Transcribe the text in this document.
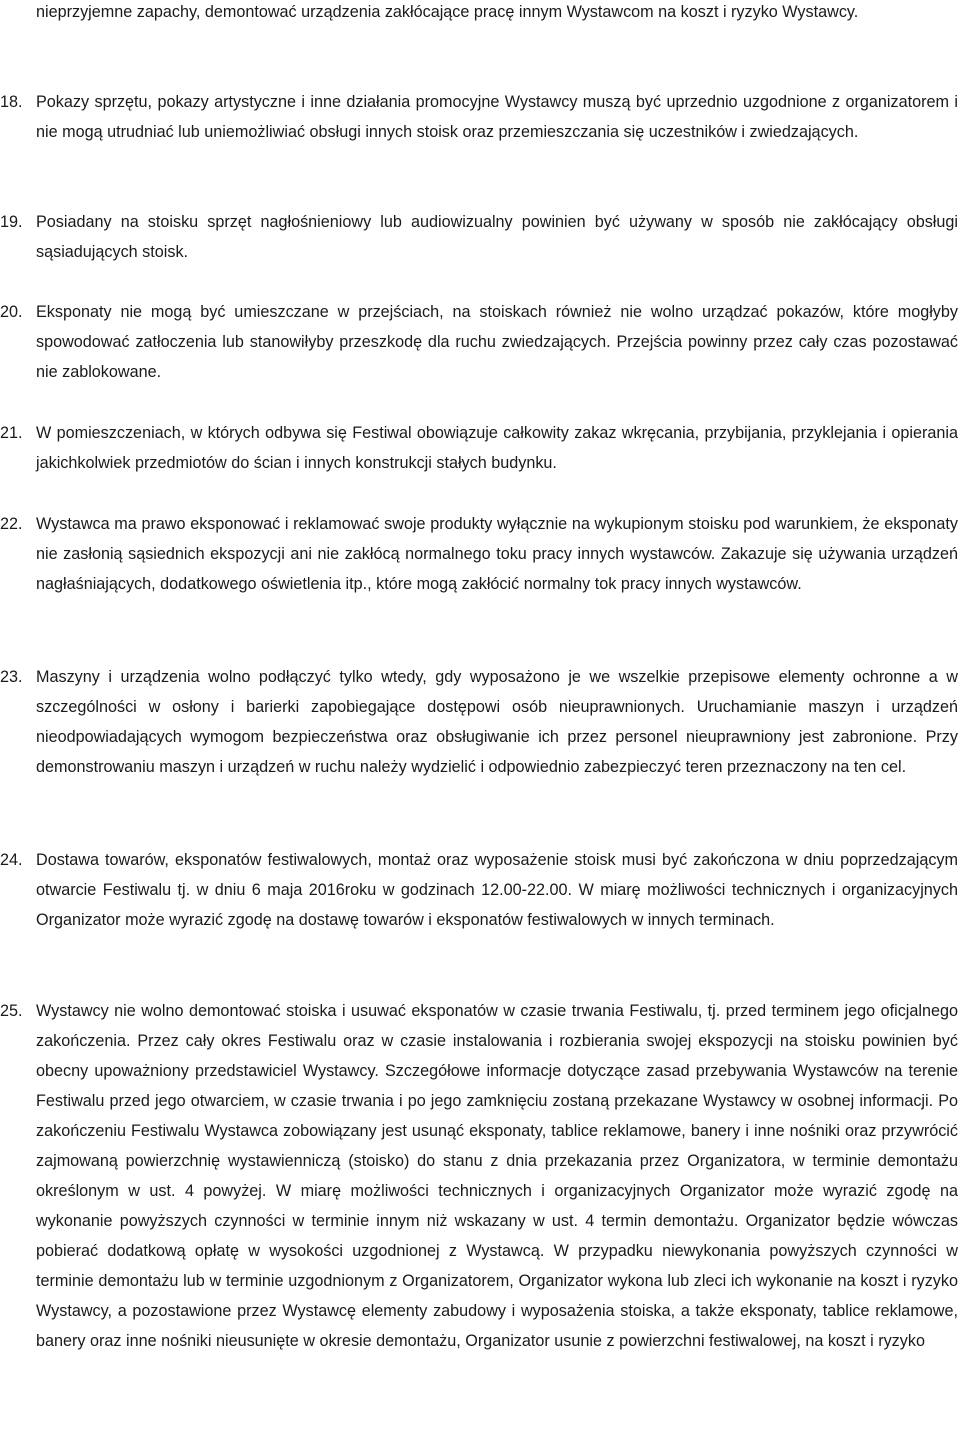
nieprzyjemne zapachy, demontować urządzenia zakłócające pracę innym Wystawcom na koszt i ryzyko Wystawcy.
18. Pokazy sprzętu, pokazy artystyczne i inne działania promocyjne Wystawcy muszą być uprzednio uzgodnione z organizatorem i nie mogą utrudniać lub uniemożliwiać obsługi innych stoisk oraz przemieszczania się uczestników i zwiedzających.
19. Posiadany na stoisku sprzęt nagłośnieniowy lub audiowizualny powinien być używany w sposób nie zakłócający obsługi sąsiadujących stoisk.
20. Eksponaty nie mogą być umieszczane w przejściach, na stoiskach również nie wolno urządzać pokazów, które mogłyby spowodować zatłoczenia lub stanowiłyby przeszkodę dla ruchu zwiedzających. Przejścia powinny przez cały czas pozostawać nie zablokowane.
21. W pomieszczeniach, w których odbywa się Festiwal obowiązuje całkowity zakaz wkręcania, przybijania, przyklejania i opierania jakichkolwiek przedmiotów do ścian i innych konstrukcji stałych budynku.
22. Wystawca ma prawo eksponować i reklamować swoje produkty wyłącznie na wykupionym stoisku pod warunkiem, że eksponaty nie zasłonią sąsiednich ekspozycji ani nie zakłócą normalnego toku pracy innych wystawców. Zakazuje się używania urządzeń nagłaśniających, dodatkowego oświetlenia itp., które mogą zakłócić normalny tok pracy innych wystawców.
23. Maszyny i urządzenia wolno podłączyć tylko wtedy, gdy wyposażono je we wszelkie przepisowe elementy ochronne a w szczególności w osłony i barierki zapobiegające dostępowi osób nieuprawnionych. Uruchamianie maszyn i urządzeń nieodpowiadających wymogom bezpieczeństwa oraz obsługiwanie ich przez personel nieuprawniony jest zabronione. Przy demonstrowaniu maszyn i urządzeń w ruchu należy wydzielić i odpowiednio zabezpieczyć teren przeznaczony na ten cel.
24. Dostawa towarów, eksponatów festiwalowych, montaż oraz wyposażenie stoisk musi być zakończona w dniu poprzedzającym otwarcie Festiwalu tj. w dniu 6 maja 2016roku w godzinach 12.00-22.00. W miarę możliwości technicznych i organizacyjnych Organizator może wyrazić zgodę na dostawę towarów i eksponatów festiwalowych w innych terminach.
25. Wystawcy nie wolno demontować stoiska i usuwać eksponatów w czasie trwania Festiwalu, tj. przed terminem jego oficjalnego zakończenia. Przez cały okres Festiwalu oraz w czasie instalowania i rozbierania swojej ekspozycji na stoisku powinien być obecny upoważniony przedstawiciel Wystawcy. Szczegółowe informacje dotyczące zasad przebywania Wystawców na terenie Festiwalu przed jego otwarciem, w czasie trwania i po jego zamknięciu zostaną przekazane Wystawcy w osobnej informacji. Po zakończeniu Festiwalu Wystawca zobowiązany jest usunąć eksponaty, tablice reklamowe, banery i inne nośniki oraz przywrócić zajmowaną powierzchnię wystawienniczą (stoisko) do stanu z dnia przekazania przez Organizatora, w terminie demontażu określonym w ust. 4 powyżej. W miarę możliwości technicznych i organizacyjnych Organizator może wyrazić zgodę na wykonanie powyższych czynności w terminie innym niż wskazany w ust. 4 termin demontażu. Organizator będzie wówczas pobierać dodatkową opłatę w wysokości uzgodnionej z Wystawcą. W przypadku niewykonania powyższych czynności w terminie demontażu lub w terminie uzgodnionym z Organizatorem, Organizator wykona lub zleci ich wykonanie na koszt i ryzyko Wystawcy, a pozostawione przez Wystawcę elementy zabudowy i wyposażenia stoiska, a także eksponaty, tablice reklamowe, banery oraz inne nośniki nieusunięte w okresie demontażu, Organizator usunie z powierzchni festiwalowej, na koszt i ryzyko
